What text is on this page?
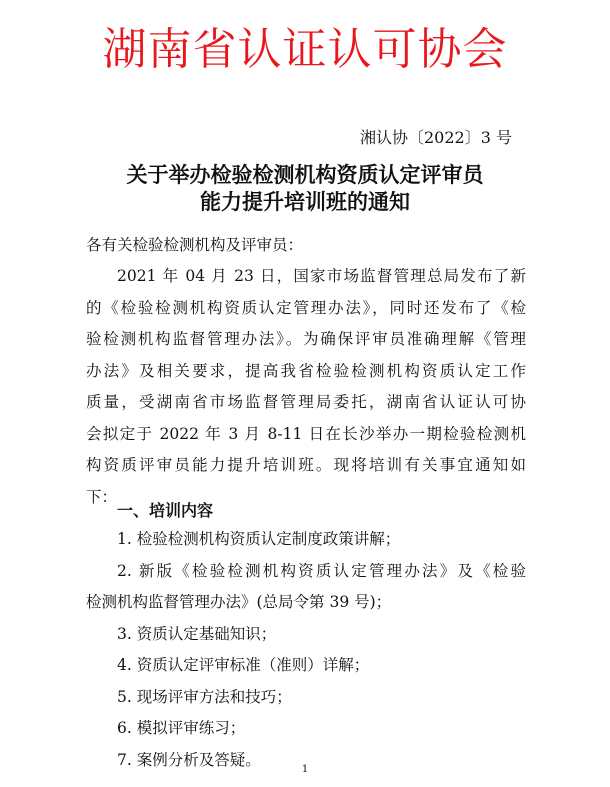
湖南省认证认可协会
湘认协〔2022〕3 号
关于举办检验检测机构资质认定评审员
能力提升培训班的通知
各有关检验检测机构及评审员：
2021 年 04 月 23 日，国家市场监督管理总局发布了新
的《检验检测机构资质认定管理办法》，同时还发布了《检
验检测机构监督管理办法》。为确保评审员准确理解《管理
办法》及相关要求，提高我省检验检测机构资质认定工作
质量，受湖南省市场监督管理局委托，湖南省认证认可协
会拟定于 2022 年 3 月 8-11 日在长沙举办一期检验检测机
构资质评审员能力提升培训班。现将培训有关事宜通知如
下：
一、培训内容
1. 检验检测机构资质认定制度政策讲解；
2. 新版《检验检测机构资质认定管理办法》及《检验
检测机构监督管理办法》(总局令第 39 号)；
3. 资质认定基础知识；
4. 资质认定评审标准（准则）详解；
5. 现场评审方法和技巧；
6. 模拟评审练习；
7. 案例分析及答疑。
1
